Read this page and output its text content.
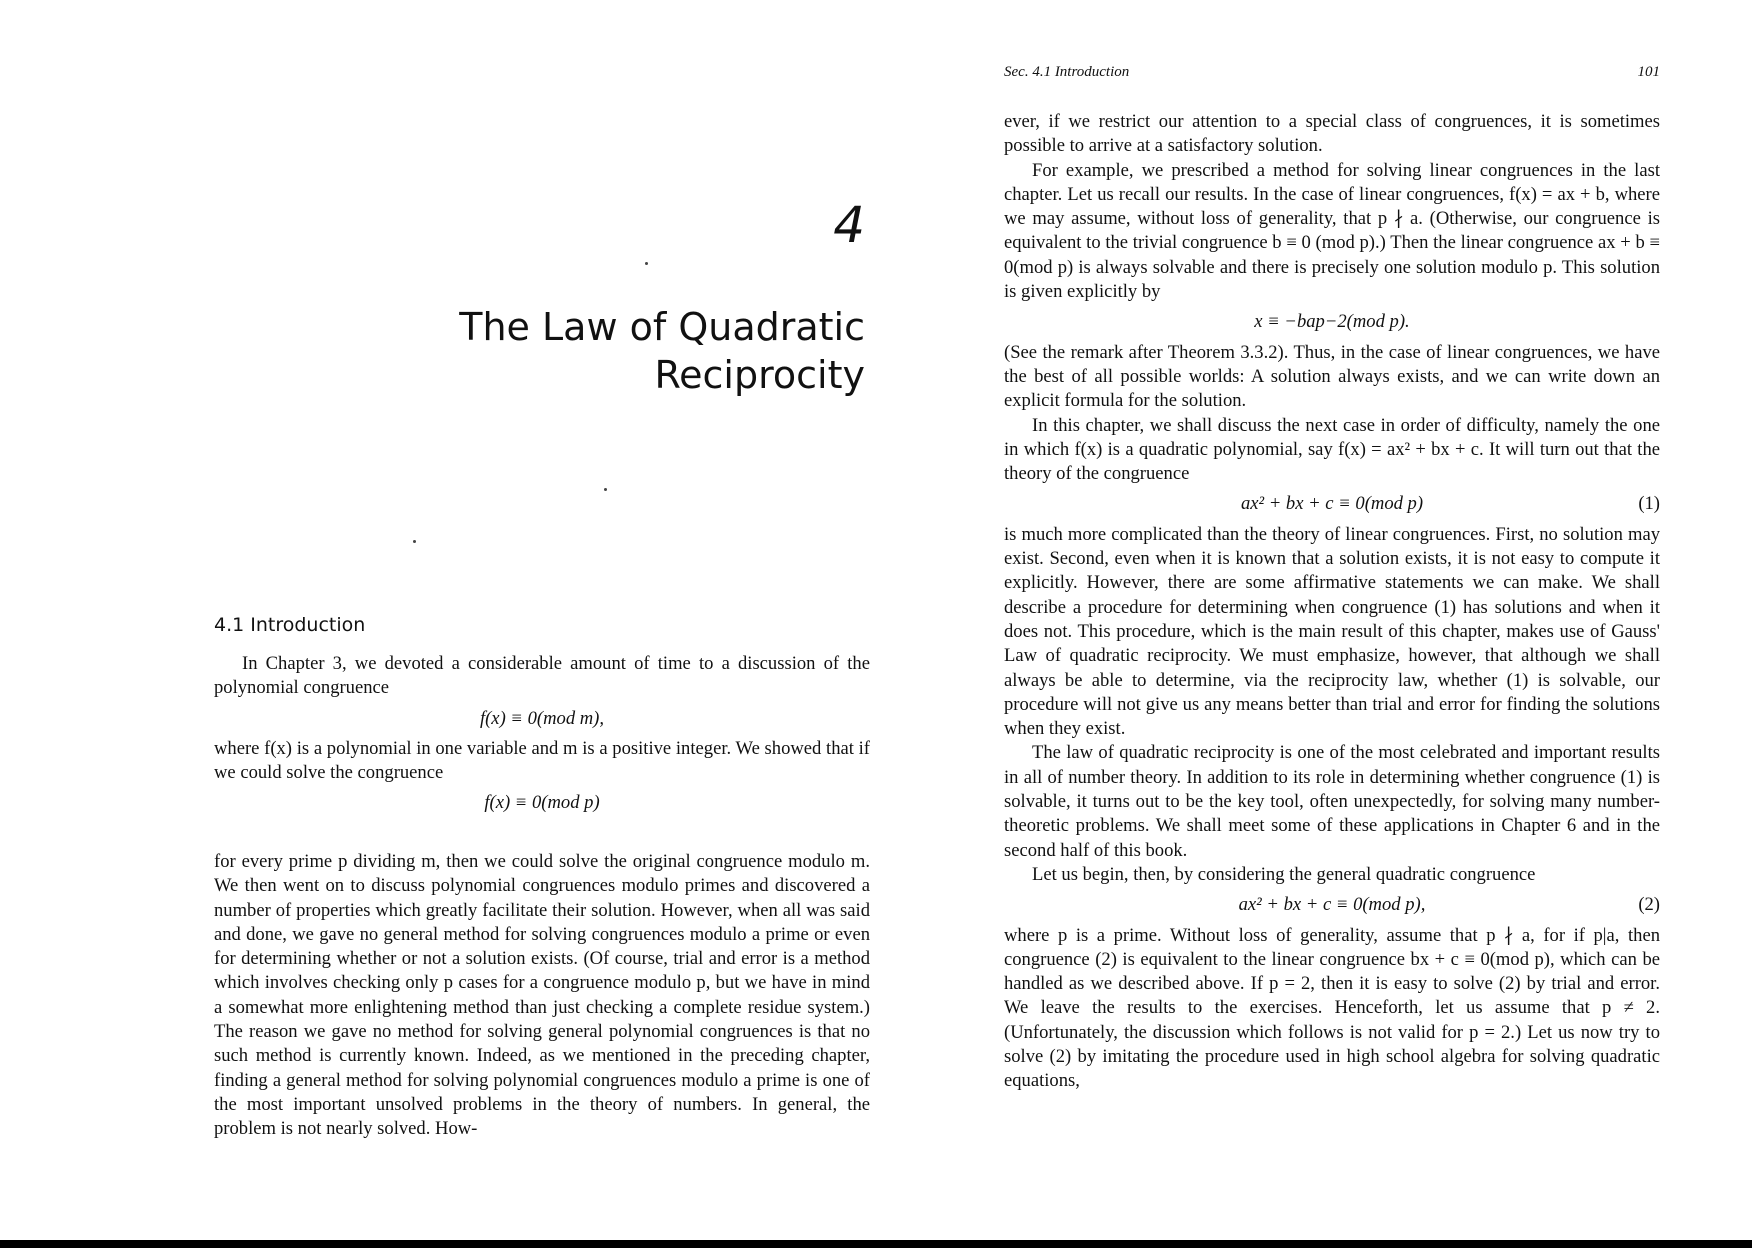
4
The Law of Quadratic
Reciprocity
4.1 Introduction

In Chapter 3, we devoted a considerable amount of time to a discussion of the polynomial congruence

f(x) ≡ 0(mod m),

where f(x) is a polynomial in one variable and m is a positive integer. We showed that if we could solve the congruence

f(x) ≡ 0(mod p)

for every prime p dividing m, then we could solve the original congruence modulo m. We then went on to discuss polynomial congruences modulo primes and discovered a number of properties which greatly facilitate their solution. However, when all was said and done, we gave no general method for solving congruences modulo a prime or even for determining whether or not a solution exists. (Of course, trial and error is a method which involves checking only p cases for a congruence modulo p, but we have in mind a somewhat more enlightening method than just checking a complete residue system.) The reason we gave no method for solving general polynomial congruences is that no such method is currently known. Indeed, as we mentioned in the preceding chapter, finding a general method for solving polynomial congruences modulo a prime is one of the most important unsolved problems in the theory of numbers. In general, the problem is not nearly solved. How-

Sec. 4.1 Introduction	101

ever, if we restrict our attention to a special class of congruences, it is sometimes possible to arrive at a satisfactory solution.

For example, we prescribed a method for solving linear congruences in the last chapter. Let us recall our results. In the case of linear congruences, f(x) = ax + b, where we may assume, without loss of generality, that p ∤ a. (Otherwise, our congruence is equivalent to the trivial congruence b ≡ 0 (mod p).) Then the linear congruence ax + b ≡ 0(mod p) is always solvable and there is precisely one solution modulo p. This solution is given explicitly by

x ≡ −bap−2(mod p).

(See the remark after Theorem 3.3.2). Thus, in the case of linear congruences, we have the best of all possible worlds: A solution always exists, and we can write down an explicit formula for the solution.

In this chapter, we shall discuss the next case in order of difficulty, namely the one in which f(x) is a quadratic polynomial, say f(x) = ax² + bx + c. It will turn out that the theory of the congruence

ax² + bx + c ≡ 0(mod p)	(1)

is much more complicated than the theory of linear congruences. First, no solution may exist. Second, even when it is known that a solution exists, it is not easy to compute it explicitly. However, there are some affirmative statements we can make. We shall describe a procedure for determining when congruence (1) has solutions and when it does not. This procedure, which is the main result of this chapter, makes use of Gauss' Law of quadratic reciprocity. We must emphasize, however, that although we shall always be able to determine, via the reciprocity law, whether (1) is solvable, our procedure will not give us any means better than trial and error for finding the solutions when they exist.

The law of quadratic reciprocity is one of the most celebrated and important results in all of number theory. In addition to its role in determining whether congruence (1) is solvable, it turns out to be the key tool, often unexpectedly, for solving many number-theoretic problems. We shall meet some of these applications in Chapter 6 and in the second half of this book.

Let us begin, then, by considering the general quadratic congruence

ax² + bx + c ≡ 0(mod p),	(2)

where p is a prime. Without loss of generality, assume that p ∤ a, for if p|a, then congruence (2) is equivalent to the linear congruence bx + c ≡ 0(mod p), which can be handled as we described above. If p = 2, then it is easy to solve (2) by trial and error. We leave the results to the exercises. Henceforth, let us assume that p ≠ 2. (Unfortunately, the discussion which follows is not valid for p = 2.) Let us now try to solve (2) by imitating the procedure used in high school algebra for solving quadratic equations,
